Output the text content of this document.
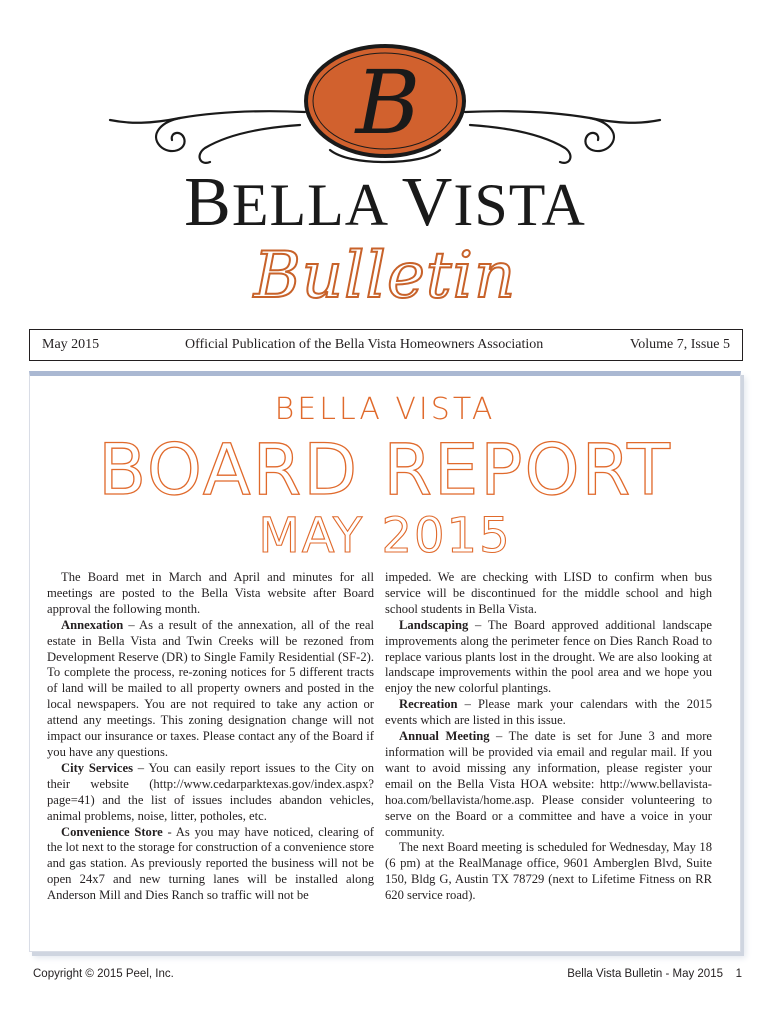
B
BELLA VISTA
Bulletin
May 2015	Official Publication of the Bella Vista Homeowners Association	Volume 7, Issue 5
BELLA VISTA
BOARD REPORT
MAY 2015

The Board met in March and April and minutes for all meetings are posted to the Bella Vista website after Board approval the following month.

Annexation – As a result of the annexation, all of the real estate in Bella Vista and Twin Creeks will be rezoned from Development Reserve (DR) to Single Family Residential (SF-2). To complete the process, re-zoning notices for 5 different tracts of land will be mailed to all property owners and posted in the local newspapers. You are not required to take any action or attend any meetings. This zoning designation change will not impact our insurance or taxes. Please contact any of the Board if you have any questions.

City Services – You can easily report issues to the City on their website (http://www.cedarparktexas.gov/index.aspx?page=41) and the list of issues includes abandon vehicles, animal problems, noise, litter, potholes, etc.

Convenience Store - As you may have noticed, clearing of the lot next to the storage for construction of a convenience store and gas station. As previously reported the business will not be open 24x7 and new turning lanes will be installed along Anderson Mill and Dies Ranch so traffic will not be

impeded. We are checking with LISD to confirm when bus service will be discontinued for the middle school and high school students in Bella Vista.

Landscaping – The Board approved additional landscape improvements along the perimeter fence on Dies Ranch Road to replace various plants lost in the drought. We are also looking at landscape improvements within the pool area and we hope you enjoy the new colorful plantings.

Recreation – Please mark your calendars with the 2015 events which are listed in this issue.

Annual Meeting – The date is set for June 3 and more information will be provided via email and regular mail. If you want to avoid missing any information, please register your email on the Bella Vista HOA website: http://www.bellavista-hoa.com/bellavista/home.asp. Please consider volunteering to serve on the Board or a committee and have a voice in your community.

The next Board meeting is scheduled for Wednesday, May 18 (6 pm) at the RealManage office, 9601 Amberglen Blvd, Suite 150, Bldg G, Austin TX 78729 (next to Lifetime Fitness on RR 620 service road).

Copyright © 2015 Peel, Inc.	Bella Vista Bulletin - May 2015 1
